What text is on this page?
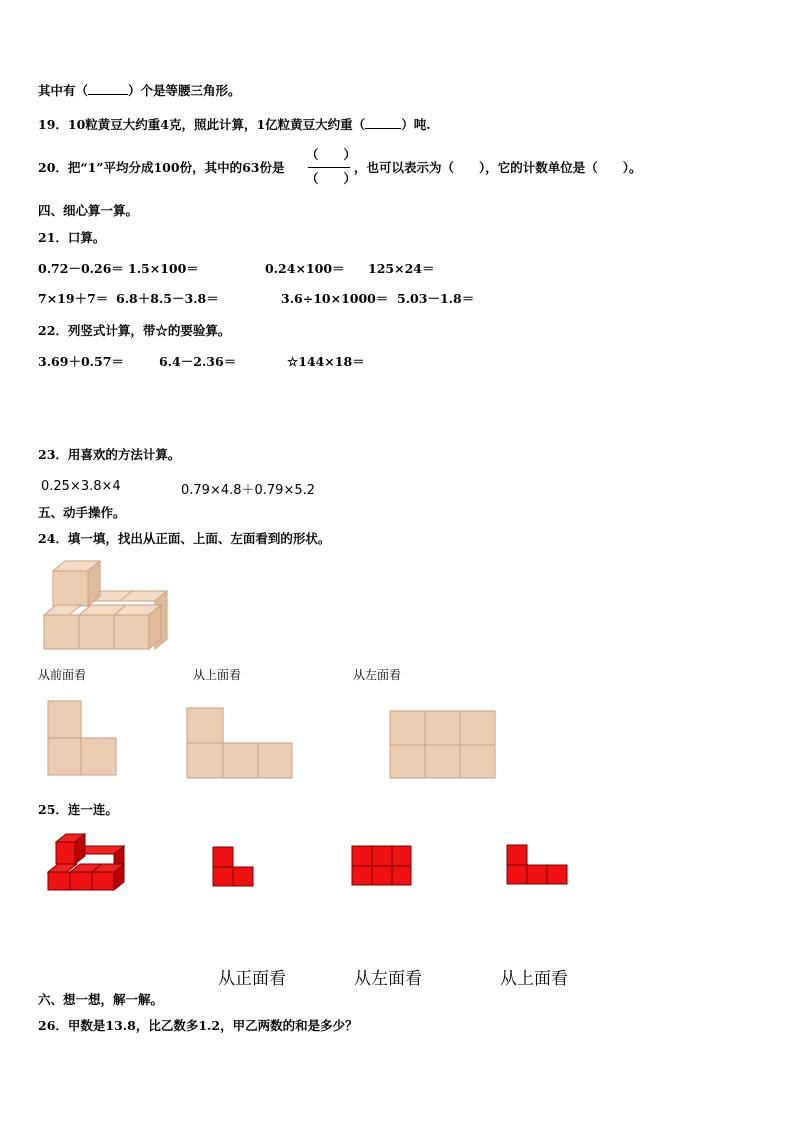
其中有（	）个是等腰三角形。
19．10粒黄豆大约重4克，照此计算，1亿粒黄豆大约重（	）吨.
20．把“1”平均分成100份，其中的63份是
（　　）
（　　）
，也可以表示为（　　），它的计数单位是（　　）。
四、细心算一算。
21．口算。
0.72－0.26＝ 1.5×100＝	0.24×100＝ 125×24＝
7×19＋7＝ 6.8＋8.5－3.8＝	3.6÷10×1000＝ 5.03－1.8＝
22．列竖式计算，带☆的要验算。
3.69＋0.57＝	6.4－2.36＝	☆144×18＝
23．用喜欢的方法计算。
0.25×3.8×4	0.79×4.8＋0.79×5.2
五、动手操作。
24．填一填，找出从正面、上面、左面看到的形状。
从前面看	从上面看	从左面看
25．连一连。
从正面看	从左面看	从上面看
六、想一想，解一解。
26．甲数是13.8，比乙数多1.2，甲乙两数的和是多少？
